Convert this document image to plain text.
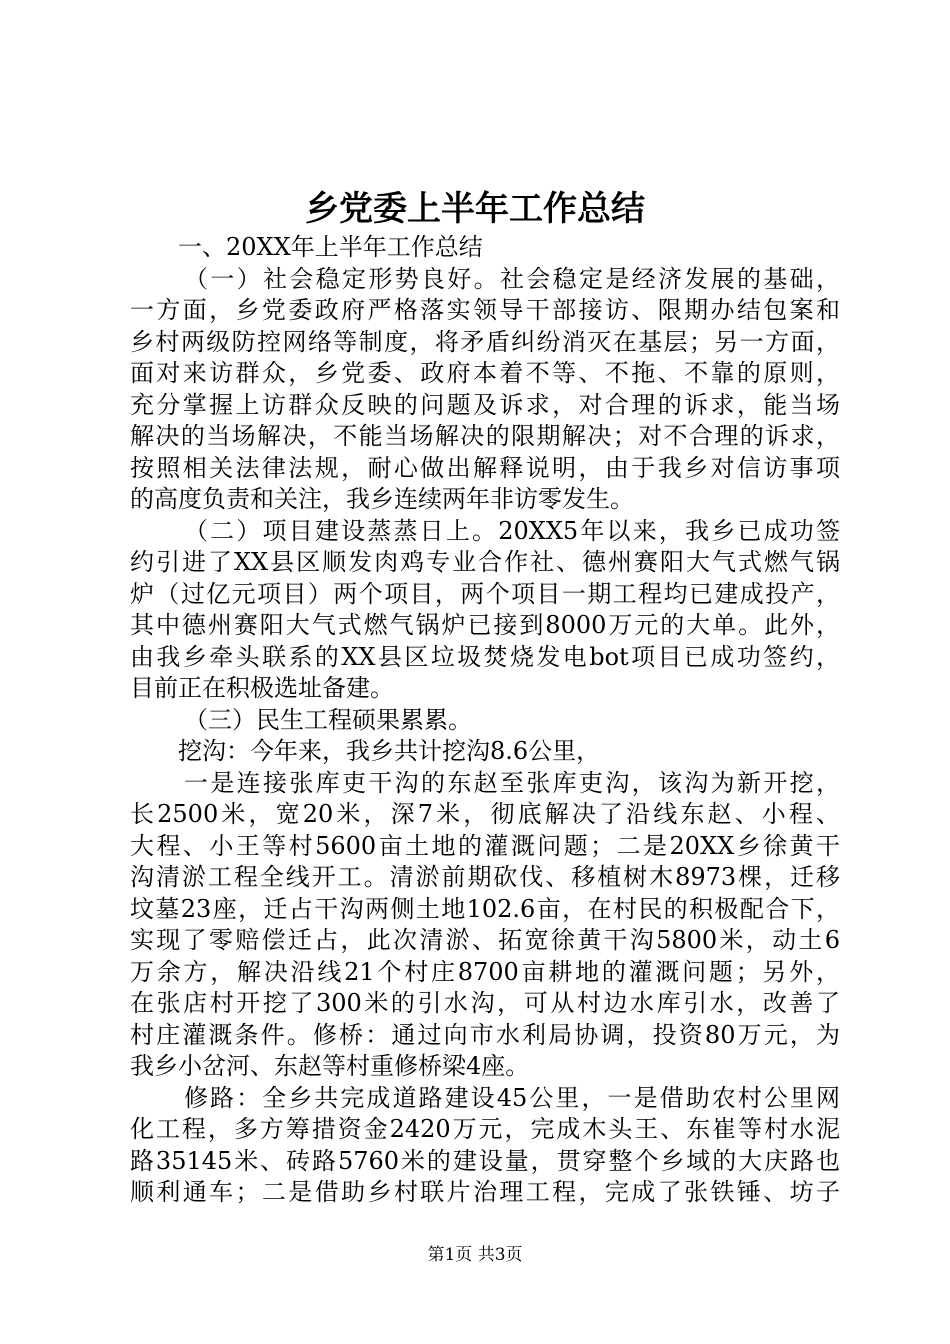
乡党委上半年工作总结
一、20XX年上半年工作总结
（一）社会稳定形势良好。社会稳定是经济发展的基础，
一方面，乡党委政府严格落实领导干部接访、限期办结包案和
乡村两级防控网络等制度，将矛盾纠纷消灭在基层；另一方面，
面对来访群众，乡党委、政府本着不等、不拖、不靠的原则，
充分掌握上访群众反映的问题及诉求，对合理的诉求，能当场
解决的当场解决，不能当场解决的限期解决；对不合理的诉求，
按照相关法律法规，耐心做出解释说明，由于我乡对信访事项
的高度负责和关注，我乡连续两年非访零发生。
（二）项目建设蒸蒸日上。20XX5年以来，我乡已成功签
约引进了XX县区顺发肉鸡专业合作社、德州赛阳大气式燃气锅
炉（过亿元项目）两个项目，两个项目一期工程均已建成投产，
其中德州赛阳大气式燃气锅炉已接到8000万元的大单。此外，
由我乡牵头联系的XX县区垃圾焚烧发电bot项目已成功签约，
目前正在积极选址备建。
（三）民生工程硕果累累。
挖沟：今年来，我乡共计挖沟8.6公里，
一是连接张库吏干沟的东赵至张库吏沟，该沟为新开挖，
长2500米，宽20米，深7米，彻底解决了沿线东赵、小程、
大程、小王等村5600亩土地的灌溉问题；二是20XX乡徐黄干
沟清淤工程全线开工。清淤前期砍伐、移植树木8973棵，迁移
坟墓23座，迁占干沟两侧土地102.6亩，在村民的积极配合下，
实现了零赔偿迁占，此次清淤、拓宽徐黄干沟5800米，动土6
万余方，解决沿线21个村庄8700亩耕地的灌溉问题；另外，
在张店村开挖了300米的引水沟，可从村边水库引水，改善了
村庄灌溉条件。修桥：通过向市水利局协调，投资80万元，为
我乡小岔河、东赵等村重修桥梁4座。
修路：全乡共完成道路建设45公里，一是借助农村公里网
化工程，多方筹措资金2420万元，完成木头王、东崔等村水泥
路35145米、砖路5760米的建设量，贯穿整个乡域的大庆路也
顺利通车；二是借助乡村联片治理工程，完成了张铁锤、坊子
第1页 共3页
